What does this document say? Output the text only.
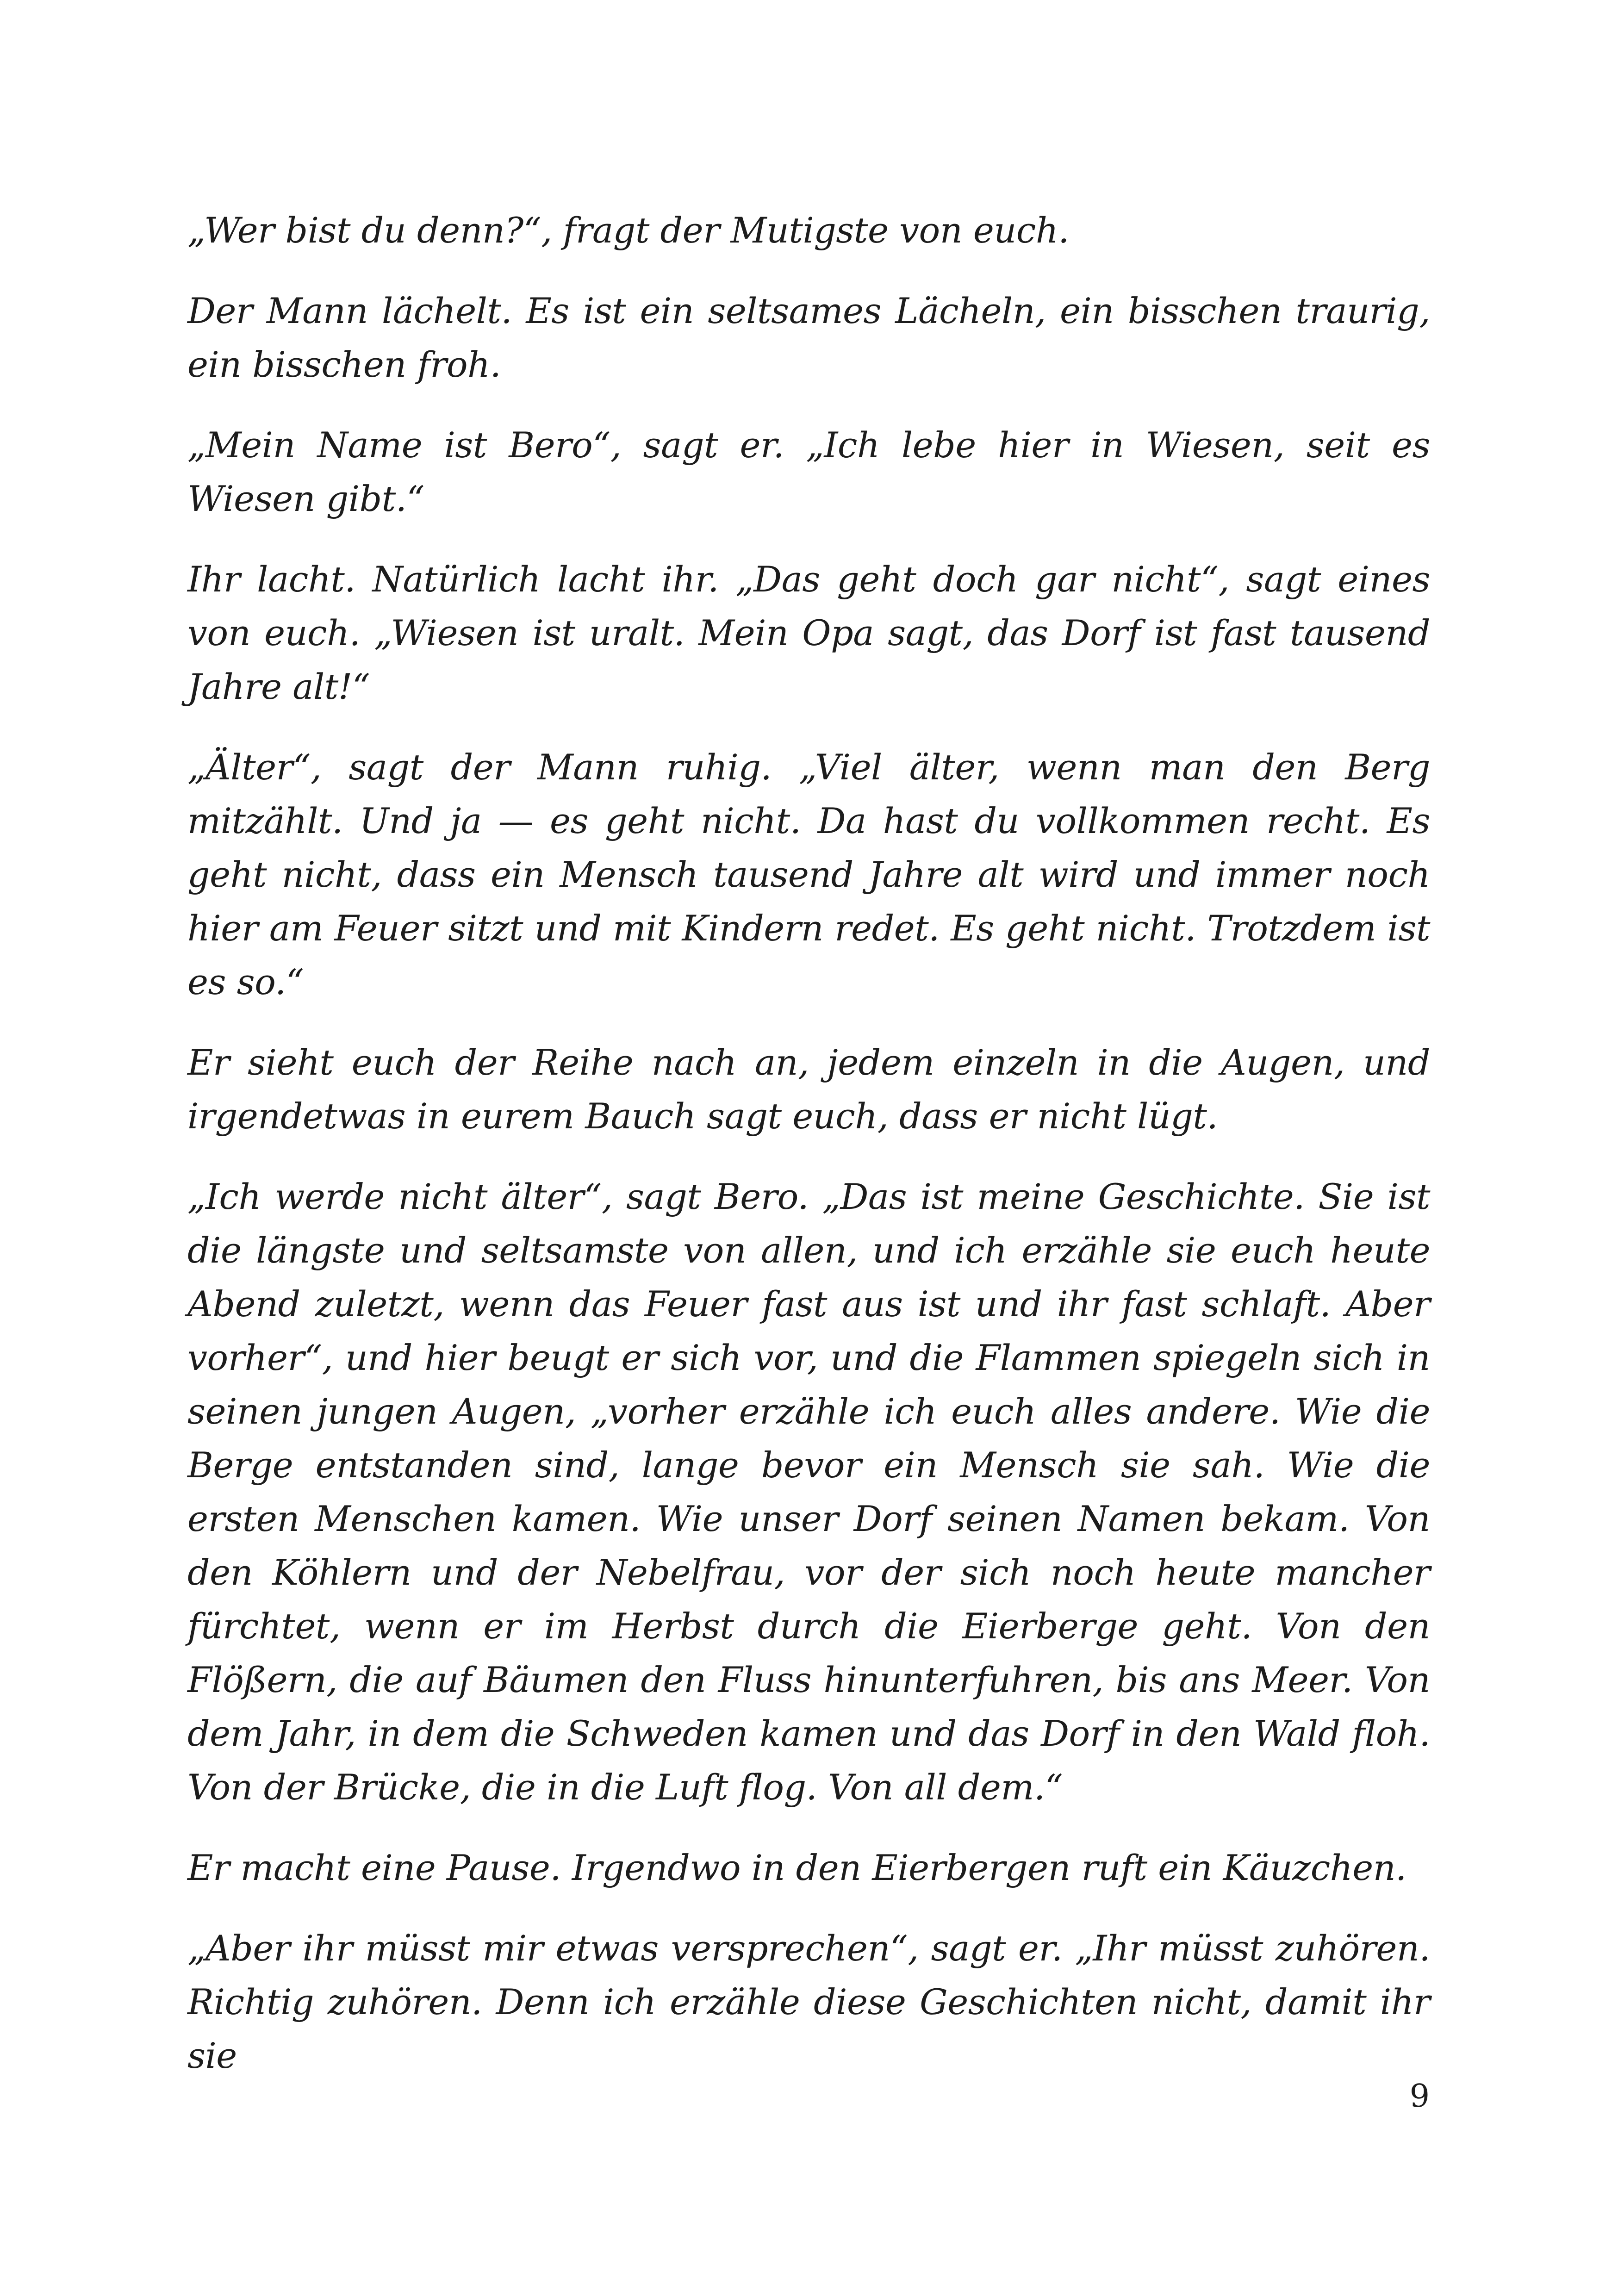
„Wer bist du denn?“, fragt der Mutigste von euch.

Der Mann lächelt. Es ist ein seltsames Lächeln, ein bisschen traurig, ein bisschen froh.

„Mein Name ist Bero“, sagt er. „Ich lebe hier in Wiesen, seit es Wiesen gibt.“

Ihr lacht. Natürlich lacht ihr. „Das geht doch gar nicht“, sagt eines von euch. „Wiesen ist uralt. Mein Opa sagt, das Dorf ist fast tausend Jahre alt!“

„Älter“, sagt der Mann ruhig. „Viel älter, wenn man den Berg mitzählt. Und ja — es geht nicht. Da hast du vollkommen recht. Es geht nicht, dass ein Mensch tausend Jahre alt wird und immer noch hier am Feuer sitzt und mit Kindern redet. Es geht nicht. Trotzdem ist es so.“

Er sieht euch der Reihe nach an, jedem einzeln in die Augen, und irgendetwas in eurem Bauch sagt euch, dass er nicht lügt.

„Ich werde nicht älter“, sagt Bero. „Das ist meine Geschichte. Sie ist die längste und seltsamste von allen, und ich erzähle sie euch heute Abend zuletzt, wenn das Feuer fast aus ist und ihr fast schlaft. Aber vorher“, und hier beugt er sich vor, und die Flammen spiegeln sich in seinen jungen Augen, „vorher erzähle ich euch alles andere. Wie die Berge entstanden sind, lange bevor ein Mensch sie sah. Wie die ersten Menschen kamen. Wie unser Dorf seinen Namen bekam. Von den Köhlern und der Nebelfrau, vor der sich noch heute mancher fürchtet, wenn er im Herbst durch die Eierberge geht. Von den Flößern, die auf Bäumen den Fluss hinunterfuhren, bis ans Meer. Von dem Jahr, in dem die Schweden kamen und das Dorf in den Wald floh. Von der Brücke, die in die Luft flog. Von all dem.“

Er macht eine Pause. Irgendwo in den Eierbergen ruft ein Käuzchen.

„Aber ihr müsst mir etwas versprechen“, sagt er. „Ihr müsst zuhören. Richtig zuhören. Denn ich erzähle diese Geschichten nicht, damit ihr sie

9
